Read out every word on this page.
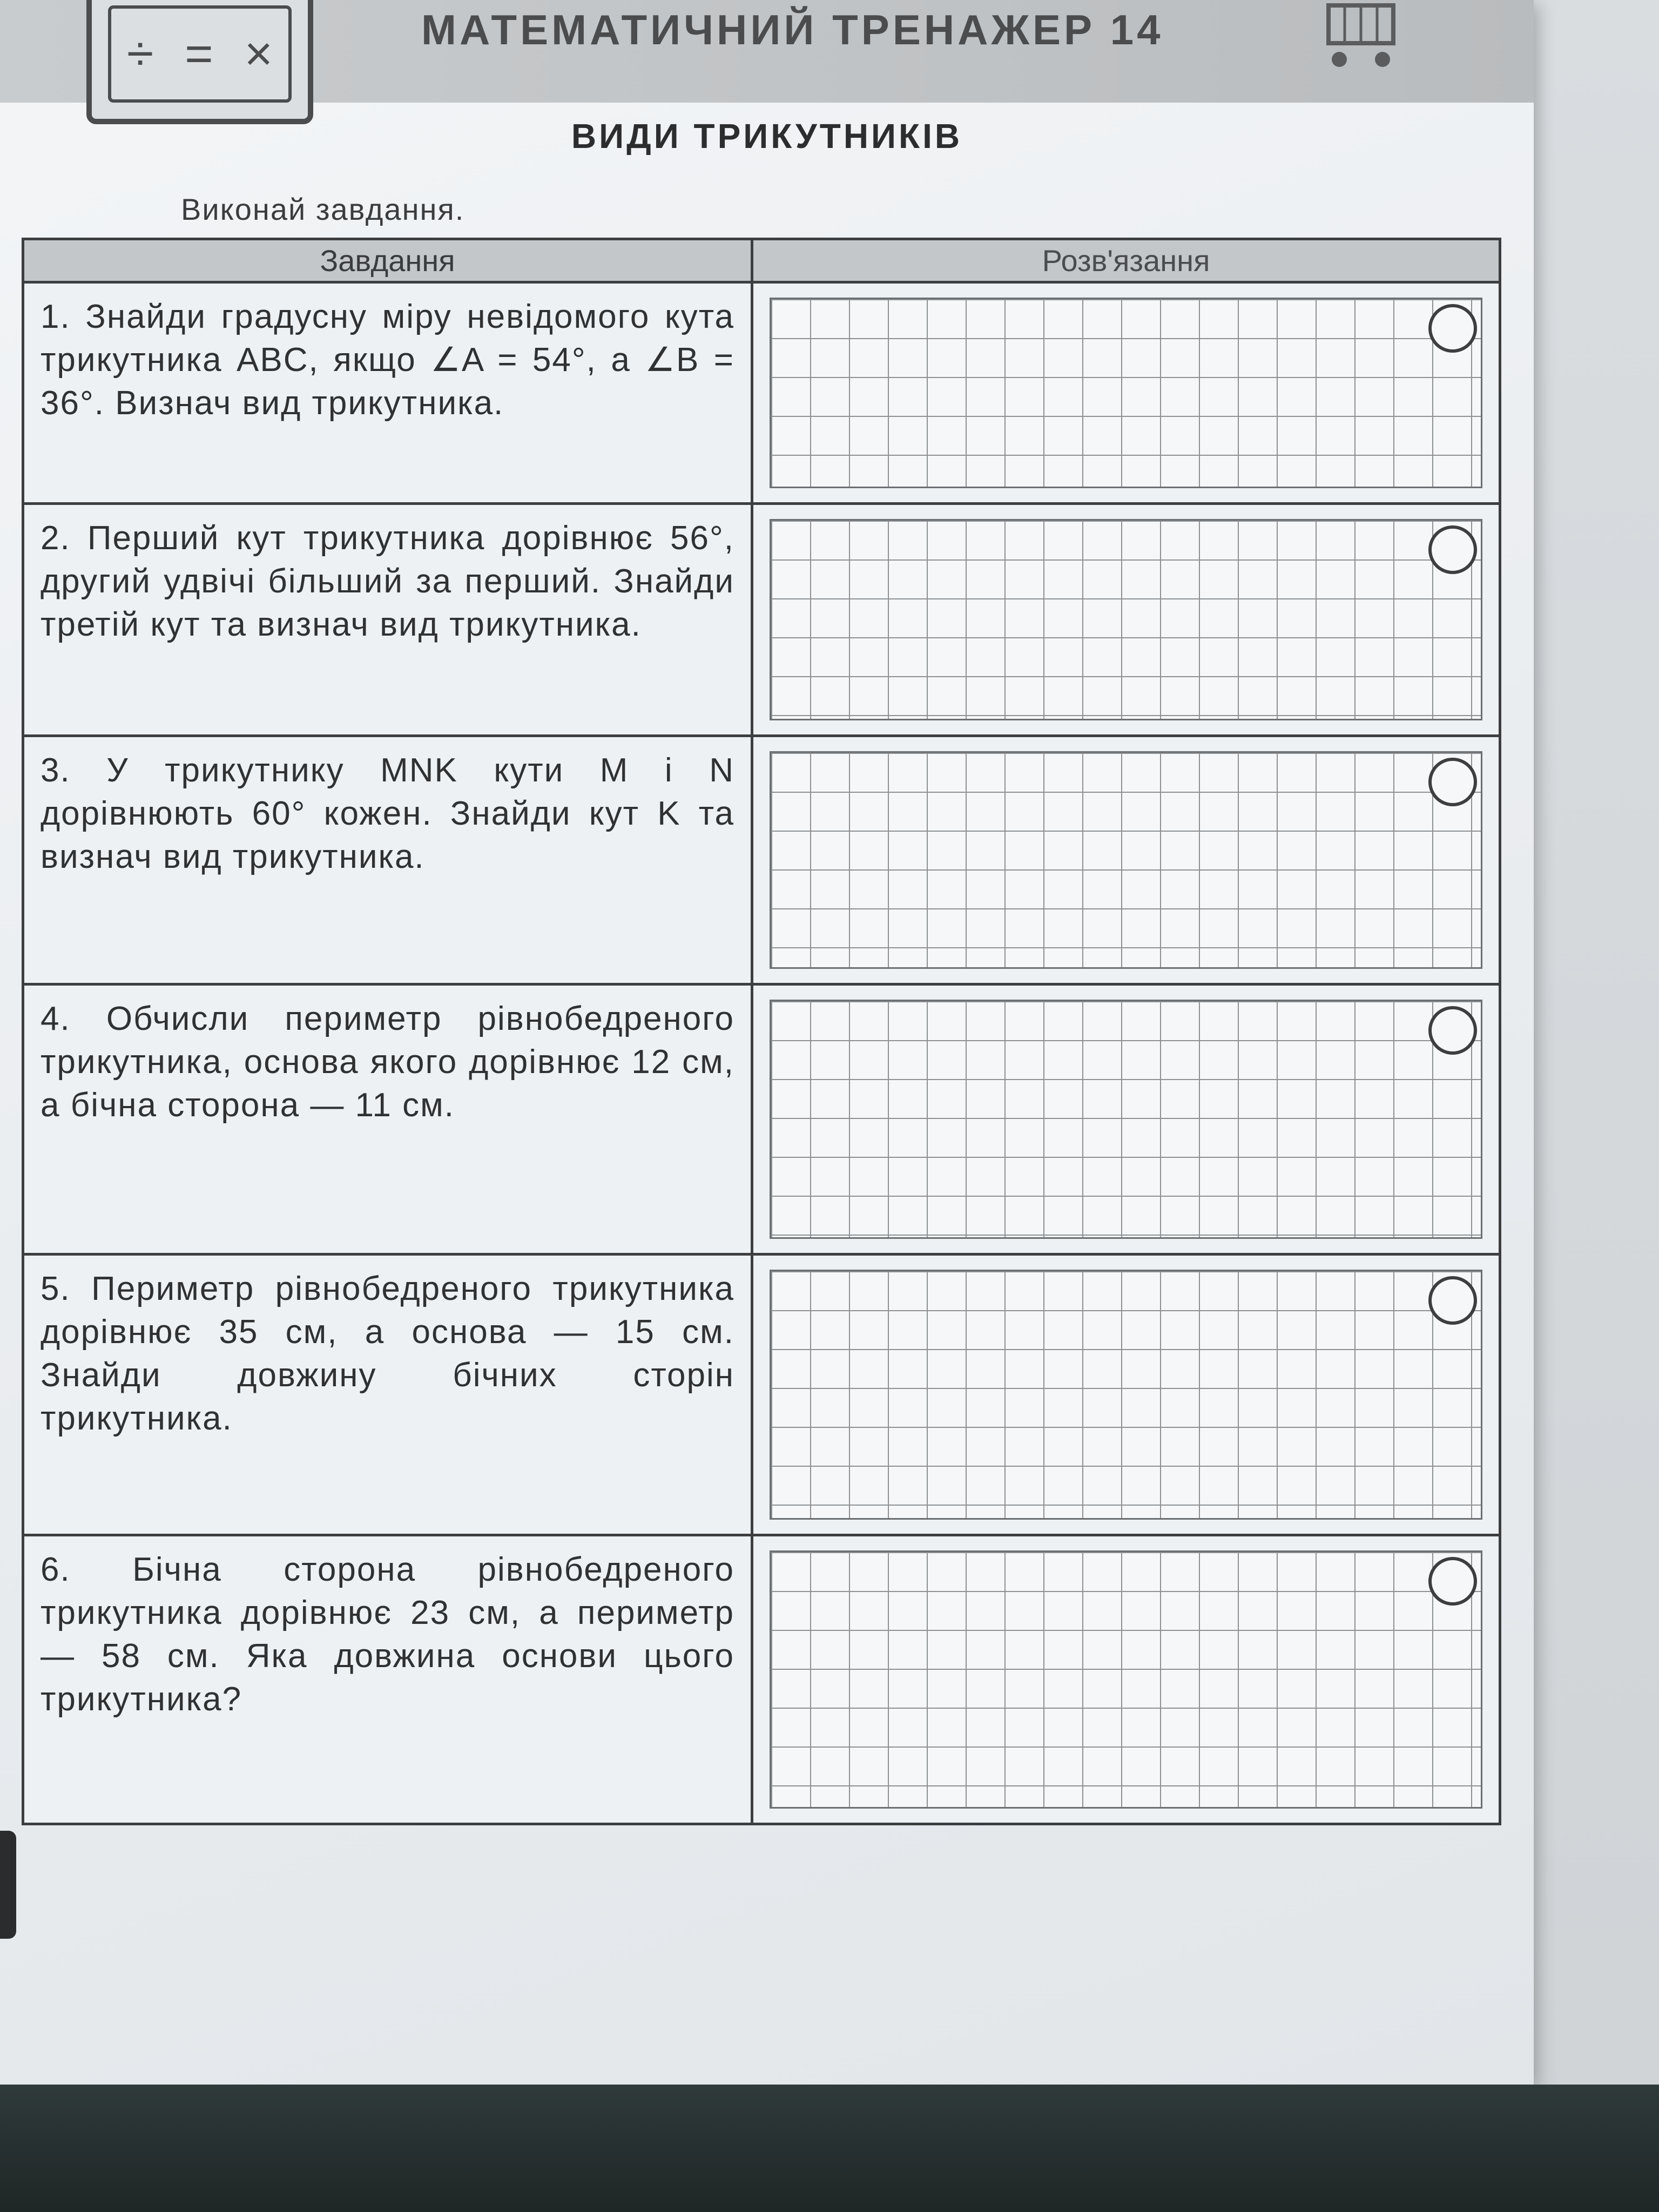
÷ = ×	МАТЕМАТИЧНИЙ ТРЕНАЖЕР 14
ВИДИ ТРИКУТНИКІВ
Виконай завдання.
Завдання	Розв'язання
1. Знайди градусну міру невідомого кута трикутника ABC, якщо ∠A = 54°, а ∠B = 36°. Визнач вид трикутника.
2. Перший кут трикутника дорівнює 56°, другий удвічі більший за перший. Знайди третій кут та визнач вид трикутника.
3. У трикутнику MNK кути M і N дорівнюють 60° кожен. Знайди кут K та визнач вид трикутника.
4. Обчисли периметр рівнобедреного трикутника, основа якого дорівнює 12 см, а бічна сторона — 11 см.
5. Периметр рівнобедреного трикутника дорівнює 35 см, а основа — 15 см. Знайди довжину бічних сторін трикутника.
6. Бічна сторона рівнобедреного трикутника дорівнює 23 см, а периметр — 58 см. Яка довжина основи цього трикутника?
